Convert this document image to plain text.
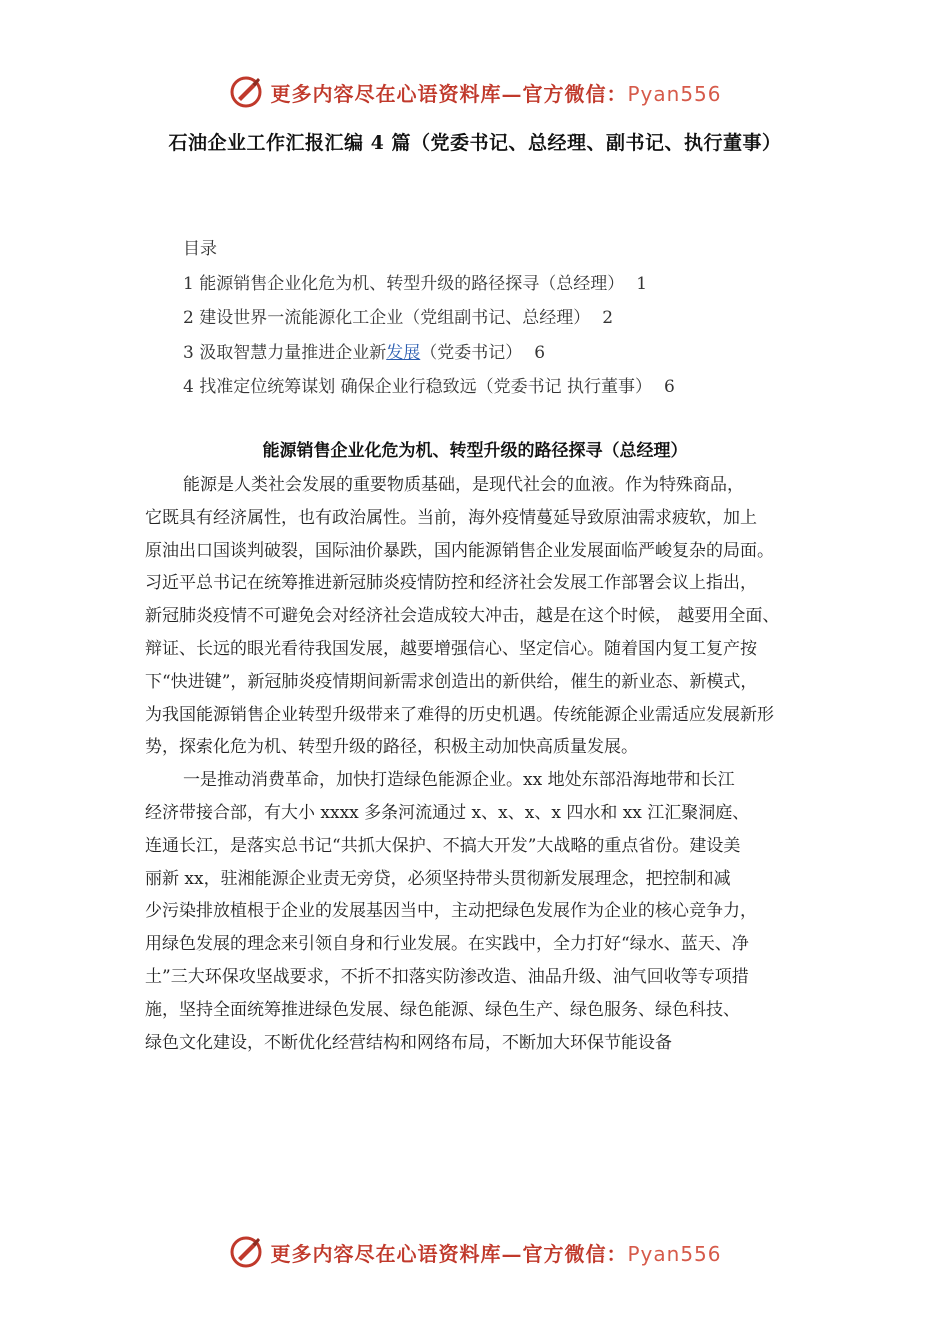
更多内容尽在心语资料库—官方微信：Pyan556
石油企业工作汇报汇编 4 篇（党委书记、总经理、副书记、执行董事）
目录
1 能源销售企业化危为机、转型升级的路径探寻（总经理） 1
2 建设世界一流能源化工企业（党组副书记、总经理） 2
3 汲取智慧力量推进企业新发展（党委书记） 6
4 找准定位统筹谋划 确保企业行稳致远（党委书记 执行董事） 6
能源销售企业化危为机、转型升级的路径探寻（总经理）
能源是人类社会发展的重要物质基础，是现代社会的血液。作为特殊商品，
它既具有经济属性，也有政治属性。当前，海外疫情蔓延导致原油需求疲软，加上
原油出口国谈判破裂，国际油价暴跌，国内能源销售企业发展面临严峻复杂的局面。
习近平总书记在统筹推进新冠肺炎疫情防控和经济社会发展工作部署会议上指出，
新冠肺炎疫情不可避免会对经济社会造成较大冲击，越是在这个时候， 越要用全面、
辩证、长远的眼光看待我国发展，越要增强信心、坚定信心。随着国内复工复产按
下“快进键”，新冠肺炎疫情期间新需求创造出的新供给，催生的新业态、新模式，
为我国能源销售企业转型升级带来了难得的历史机遇。传统能源企业需适应发展新形
势，探索化危为机、转型升级的路径，积极主动加快高质量发展。
一是推动消费革命，加快打造绿色能源企业。xx 地处东部沿海地带和长江
经济带接合部，有大小 xxxx 多条河流通过 x、x、x、x 四水和 xx 江汇聚洞庭、
连通长江，是落实总书记“共抓大保护、不搞大开发”大战略的重点省份。建设美
丽新 xx，驻湘能源企业责无旁贷，必须坚持带头贯彻新发展理念，把控制和减
少污染排放植根于企业的发展基因当中，主动把绿色发展作为企业的核心竞争力，
用绿色发展的理念来引领自身和行业发展。在实践中，全力打好“绿水、蓝天、净
土”三大环保攻坚战要求，不折不扣落实防渗改造、油品升级、油气回收等专项措
施，坚持全面统筹推进绿色发展、绿色能源、绿色生产、绿色服务、绿色科技、
绿色文化建设，不断优化经营结构和网络布局，不断加大环保节能设备
更多内容尽在心语资料库—官方微信：Pyan556
